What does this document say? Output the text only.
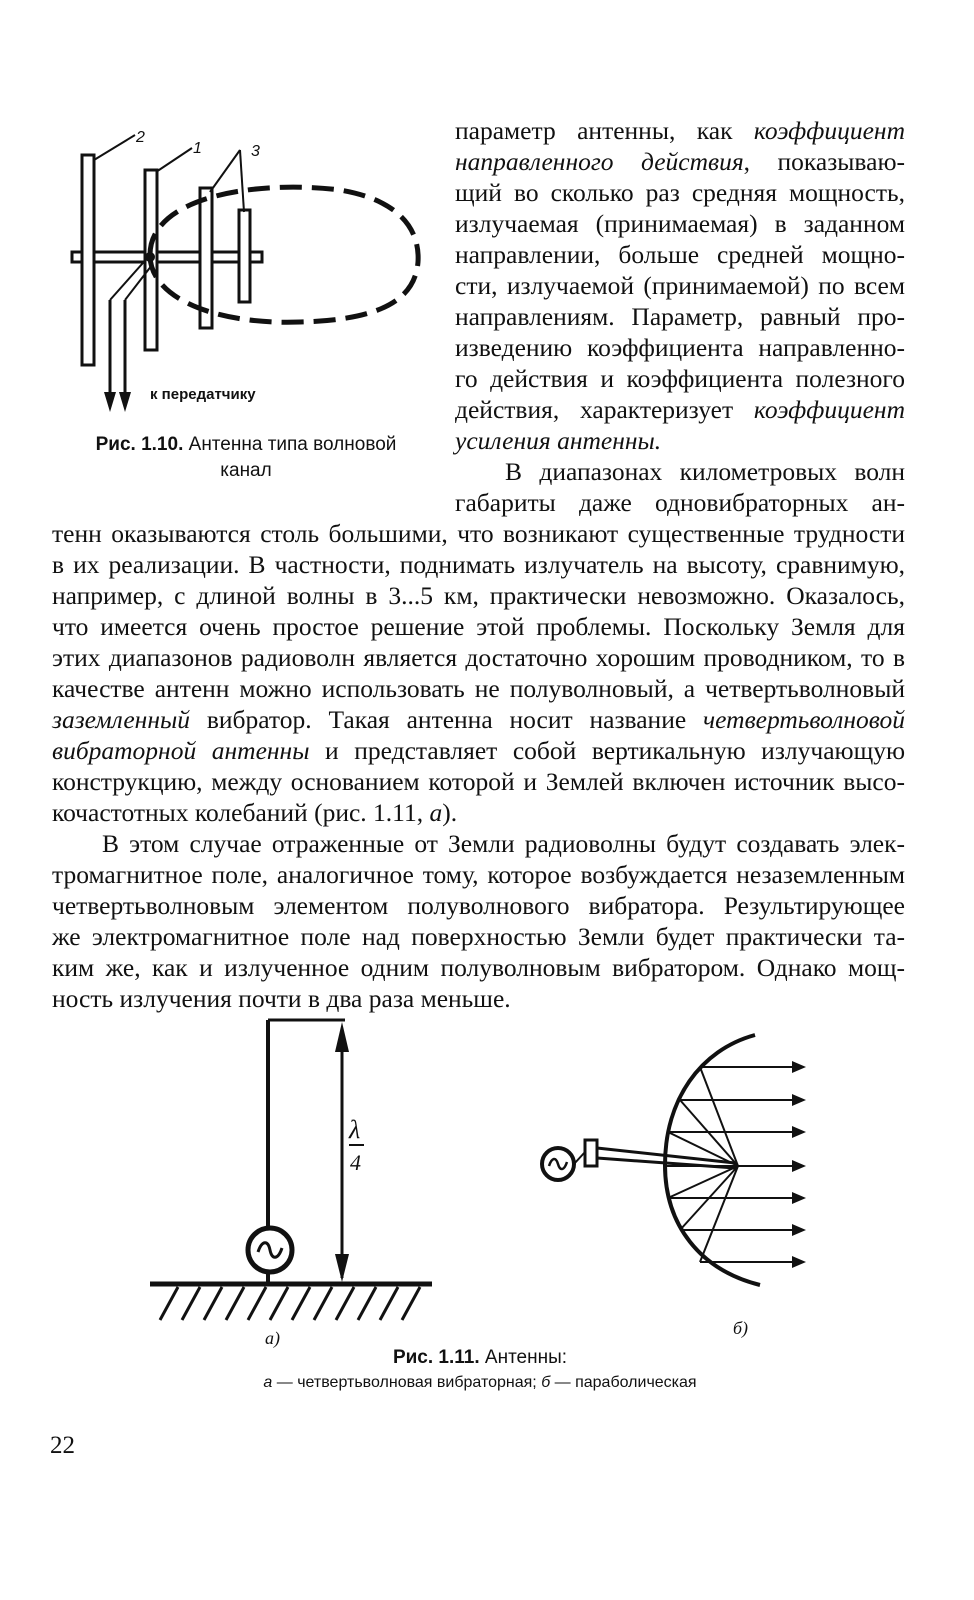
2
1	3
к передатчику
Рис. 1.10. Антенна типа волновой
канал
параметр антенны, как коэффициент
направленного действия, показываю-
щий во сколько раз средняя мощность,
излучаемая (принимаемая) в заданном
направлении, больше средней мощно-
сти, излучаемой (принимаемой) по всем
направлениям. Параметр, равный про-
изведению коэффициента направленно-
го действия и коэффициента полезного
действия, характеризует коэффициент
усиления антенны.
В диапазонах километровых волн
габариты даже одновибраторных ан-
тенн оказываются столь большими, что возникают существенные трудности
в их реализации. В частности, поднимать излучатель на высоту, сравнимую,
например, с длиной волны в 3...5 км, практически невозможно. Оказалось,
что имеется очень простое решение этой проблемы. Поскольку Земля для
этих диапазонов радиоволн является достаточно хорошим проводником, то в
качестве антенн можно использовать не полуволновый, а четвертьволновый
заземленный вибратор. Такая антенна носит название четвертьволновой
вибраторной антенны и представляет собой вертикальную излучающую
конструкцию, между основанием которой и Землей включен источник высо-
кочастотных колебаний (рис. 1.11, а).
В этом случае отраженные от Земли радиоволны будут создавать элек-
тромагнитное поле, аналогичное тому, которое возбуждается незаземленным
четвертьволновым элементом полуволнового вибратора. Результирующее
же электромагнитное поле над поверхностью Земли будет практически та-
ким же, как и излученное одним полуволновым вибратором. Однако мощ-
ность излучения почти в два раза меньше.
λ
4
а)	б)
Рис. 1.11. Антенны:
а — четвертьволновая вибраторная; б — параболическая
22
